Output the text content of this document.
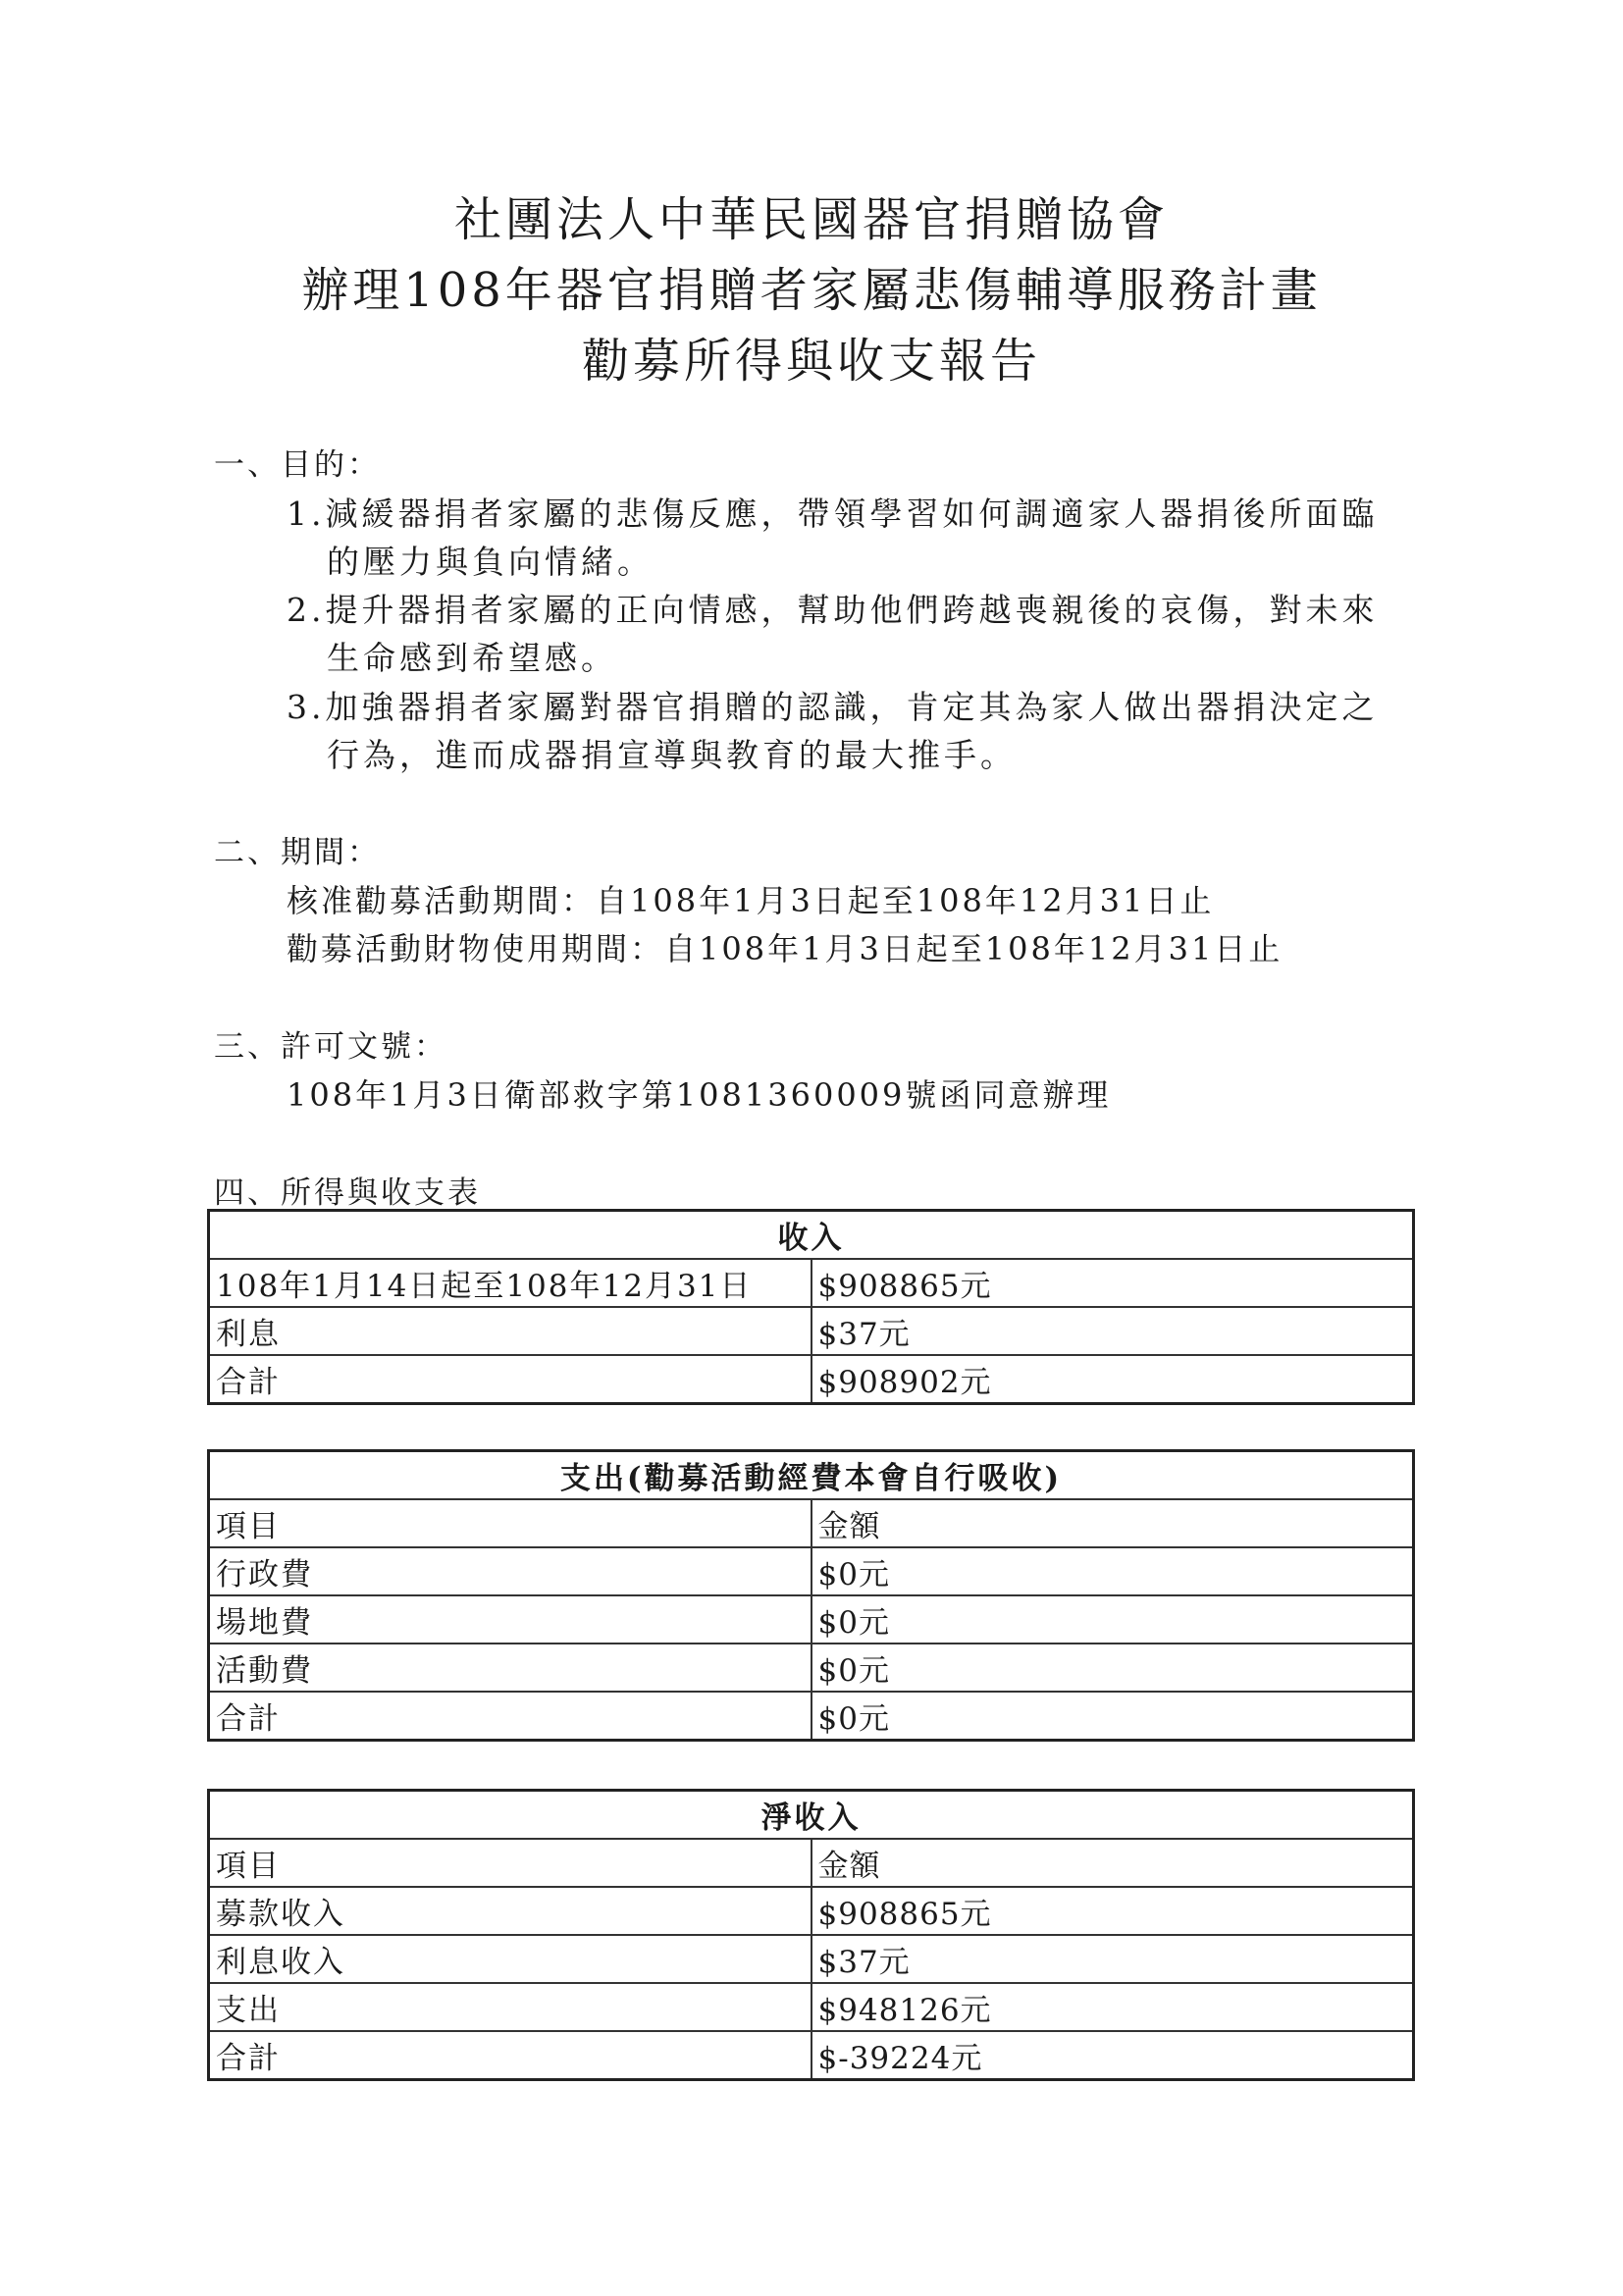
社團法人中華民國器官捐贈協會
辦理108年器官捐贈者家屬悲傷輔導服務計畫
勸募所得與收支報告
一、目的：
1.減緩器捐者家屬的悲傷反應，帶領學習如何調適家人器捐後所面臨
的壓力與負向情緒。
2.提升器捐者家屬的正向情感，幫助他們跨越喪親後的哀傷，對未來
生命感到希望感。
3.加強器捐者家屬對器官捐贈的認識，肯定其為家人做出器捐決定之
行為，進而成器捐宣導與教育的最大推手。
二、期間：
核准勸募活動期間：自108年1月3日起至108年12月31日止
勸募活動財物使用期間：自108年1月3日起至108年12月31日止
三、許可文號：
108年1月3日衛部救字第1081360009號函同意辦理
四、所得與收支表
收入	
108年1月14日起至108年12月31日	$908865元
利息	$37元
合計	$908902元
支出(勸募活動經費本會自行吸收)	
項目	金額
行政費	$0元
場地費	$0元
活動費	$0元
合計	$0元
淨收入	
項目	金額
募款收入	$908865元
利息收入	$37元
支出	$948126元
合計	$-39224元
